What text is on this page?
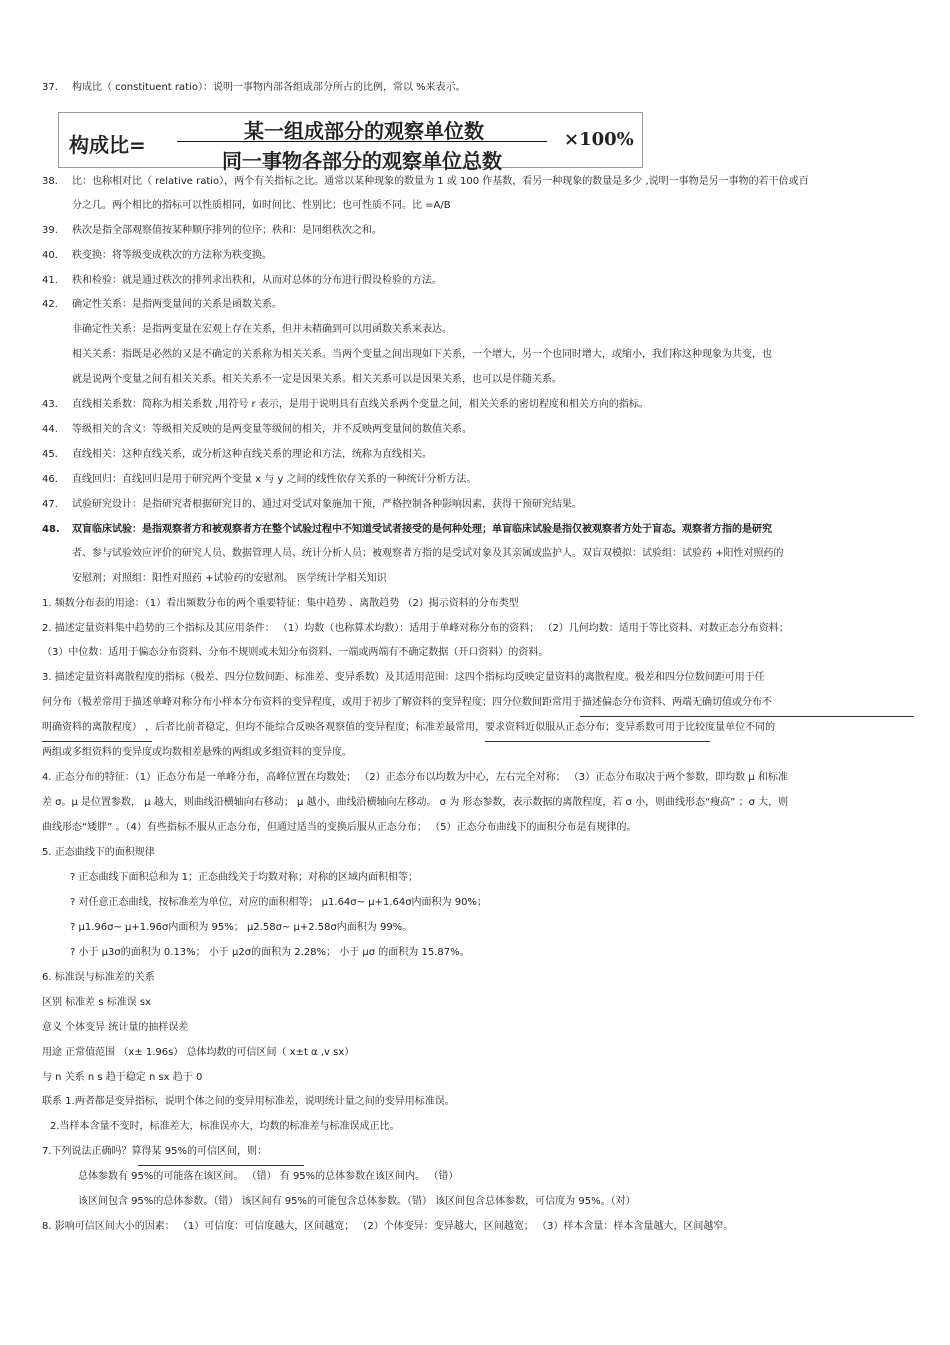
构成比=
某一组成部分的观察单位数
同一事物各部分的观察单位总数
×100%
37. 构成比（ constituent ratio）：说明一事物内部各组成部分所占的比例，常以 %来表示。
38. 比：也称相对比（ relative ratio），两个有关指标之比。通常以某种现象的数量为 1 或 100 作基数，看另一种现象的数量是多少 ,说明一事物是另一事物的若干倍或百
分之几。两个相比的指标可以性质相同，如时间比、性别比；也可性质不同。比 =A/B
39. 秩次是指全部观察值按某种顺序排列的位序；秩和：是同组秩次之和。
40. 秩变换：将等级变成秩次的方法称为秩变换。
41. 秩和检验：就是通过秩次的排列求出秩和，从而对总体的分布进行假设检验的方法。
42. 确定性关系：是指两变量间的关系是函数关系。
非确定性关系：是指两变量在宏观上存在关系，但并未精确到可以用函数关系来表达。
相关关系：指既是必然的又是不确定的关系称为相关关系。当两个变量之间出现如下关系，一个增大，另一个也同时增大，或缩小，我们称这种现象为共变，也
就是说两个变量之间有相关关系。相关关系不一定是因果关系。相关关系可以是因果关系，也可以是伴随关系。
43. 直线相关系数：简称为相关系数 ,用符号 r 表示，是用于说明具有直线关系两个变量之间，相关关系的密切程度和相关方向的指标。
44. 等级相关的含义：等级相关反映的是两变量等级间的相关，并不反映两变量间的数值关系。
45. 直线相关：这种直线关系，或分析这种直线关系的理论和方法，统称为直线相关。
46. 直线回归：直线回归是用于研究两个变量 x 与 y 之间的线性依存关系的一种统计分析方法。
47. 试验研究设计：是指研究者根据研究目的、通过对受试对象施加干预，严格控制各种影响因素，获得干预研究结果。
48. 双盲临床试验：是指观察者方和被观察者方在整个试验过程中不知道受试者接受的是何种处理；单盲临床试验是指仅被观察者方处于盲态。观察者方指的是研究
者、参与试验效应评价的研究人员、数据管理人员、统计分析人员；被观察者方指的是受试对象及其亲属或监护人。双盲双模拟：试验组：试验药 +阳性对照药的
安慰剂；对照组：阳性对照药 +试验药的安慰剂。 医学统计学相关知识
1. 频数分布表的用途：（1）看出频数分布的两个重要特征：集中趋势 、离散趋势 （2）揭示资料的分布类型
2. 描述定量资料集中趋势的三个指标及其应用条件： （1）均数（也称算术均数）：适用于单峰对称分布的资料； （2）几何均数：适用于等比资料、对数正态分布资料；
（3）中位数：适用于偏态分布资料、分布不规则或未知分布资料、一端或两端有不确定数据（开口资料）的资料。
3. 描述定量资料离散程度的指标（极差、四分位数间距、标准差、变异系数）及其适用范围：这四个指标均反映定量资料的离散程度。极差和四分位数间距可用于任
何分布（极差常用于描述单峰对称分布小样本分布资料的变异程度，或用于初步了解资料的变异程度；四分位数间距常用于描述偏态分布资料、两端无确切值或分布不
明确资料的离散程度） ，后者比前者稳定，但均不能综合反映各观察值的变异程度；标准差最常用，要求资料近似服从正态分布；变异系数可用于比较度量单位不同的
两组或多组资料的变异度或均数相差悬殊的两组或多组资料的变异度。
4. 正态分布的特征：（1）正态分布是一单峰分布，高峰位置在均数处； （2）正态分布以均数为中心，左右完全对称； （3）正态分布取决于两个参数，即均数 μ 和标准
差 σ。μ 是位置参数， μ 越大，则曲线沿横轴向右移动； μ 越小，曲线沿横轴向左移动。 σ 为 形态参数，表示数据的离散程度，若 σ 小，则曲线形态“瘦高” ；σ 大，则
曲线形态“矮胖” 。（4）有些指标不服从正态分布，但通过适当的变换后服从正态分布； （5）正态分布曲线下的面积分布是有规律的。
5. 正态曲线下的面积规律
? 正态曲线下面积总和为 1；正态曲线关于均数对称；对称的区域内面积相等；
? 对任意正态曲线，按标准差为单位，对应的面积相等； μ1.64σ~ μ+1.64σ内面积为 90%；
? μ1.96σ~ μ+1.96σ内面积为 95%； μ2.58σ~ μ+2.58σ内面积为 99%。
? 小于 μ3σ的面积为 0.13%； 小于 μ2σ的面积为 2.28%； 小于 μσ 的面积为 15.87%。
6. 标准误与标准差的关系
区别 标准差 s 标准误 sx
意义 个体变异 统计量的抽样误差
用途 正常值范围 （x± 1.96s） 总体均数的可信区间（ x±t α ,v sx）
与 n 关系 n s 趋于稳定 n sx 趋于 0
联系 1.两者都是变异指标，说明个体之间的变异用标准差，说明统计量之间的变异用标准误。
2.当样本含量不变时，标准差大，标准误亦大，均数的标准差与标准误成正比。
7.下列说法正确吗？算得某 95%的可信区间，则：
总体参数有 95%的可能落在该区间。 （错） 有 95%的总体参数在该区间内。 （错）
该区间包含 95%的总体参数。（错） 该区间有 95%的可能包含总体参数。（错） 该区间包含总体参数，可信度为 95%。（对）
8. 影响可信区间大小的因素： （1）可信度：可信度越大，区间越宽； （2）个体变异：变异越大，区间越宽； （3）样本含量：样本含量越大，区间越窄。
